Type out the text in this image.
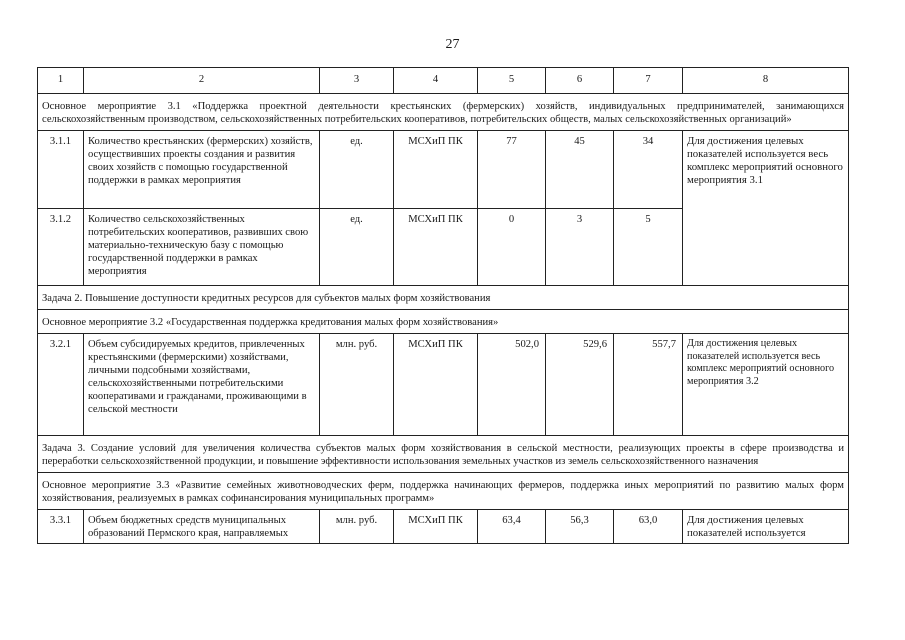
27
1	2	3	4	5	6	7	8
Основное мероприятие 3.1 «Поддержка проектной деятельности крестьянских (фермерских) хозяйств, индивидуальных предпринимателей, занимающихся сельскохозяйственным производством, сельскохозяйственных потребительских кооперативов, потребительских обществ, малых сельскохозяйственных организаций»							
3.1.1	Количество крестьянских (фермерских) хозяйств, осуществивших проекты создания и развития своих хозяйств с помощью государственной поддержки в рамках мероприятия	ед.	МСХиП ПК	77	45	34	Для достижения целевых показателей используется весь комплекс мероприятий основного мероприятия 3.1
3.1.2	Количество сельскохозяйственных потребительских кооперативов, развивших свою материально-техническую базу с помощью государственной поддержки в рамках мероприятия	ед.	МСХиП ПК	0	3	5	
Задача 2. Повышение доступности кредитных ресурсов для субъектов малых форм хозяйствования							
Основное мероприятие 3.2 «Государственная поддержка кредитования малых форм хозяйствования»							
3.2.1	Объем субсидируемых кредитов, привлеченных крестьянскими (фермерскими) хозяйствами, личными подсобными хозяйствами, сельскохозяйственными потребительскими кооперативами и гражданами, проживающими в сельской местности	млн. руб.	МСХиП ПК	502,0	529,6	557,7	Для достижения целевых показателей используется весь комплекс мероприятий основного мероприятия 3.2
Задача 3. Создание условий для увеличения количества субъектов малых форм хозяйствования в сельской местности, реализующих проекты в сфере производства и переработки сельскохозяйственной продукции, и повышение эффективности использования земельных участков из земель сельскохозяйственного назначения							
Основное мероприятие 3.3 «Развитие семейных животноводческих ферм, поддержка начинающих фермеров, поддержка иных мероприятий по развитию малых форм хозяйствования, реализуемых в рамках софинансирования муниципальных программ»							
3.3.1	Объем бюджетных средств муниципальных образований Пермского края, направляемых	млн. руб.	МСХиП ПК	63,4	56,3	63,0	Для достижения целевых показателей используется
